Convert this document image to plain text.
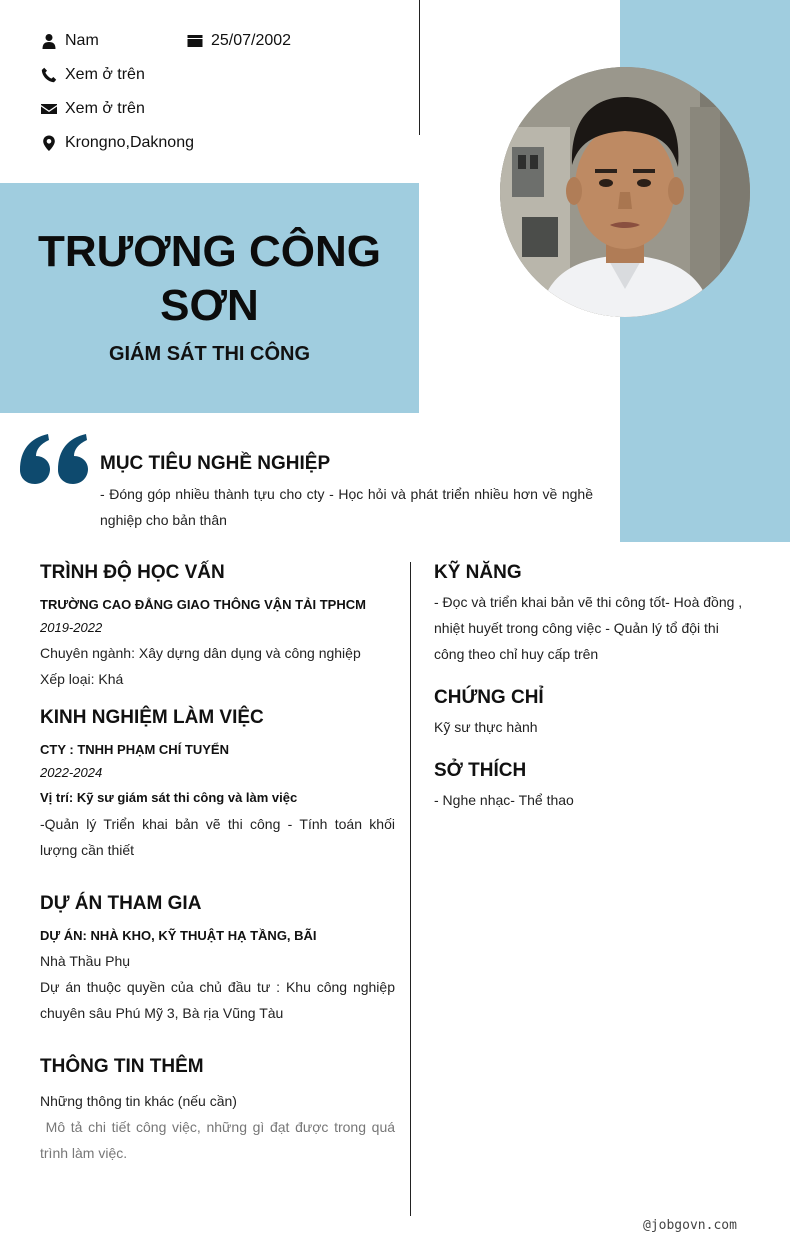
Nam	25/07/2002
Xem ở trên
Xem ở trên
Krongno,Daknong
TRƯƠNG CÔNG
SƠN
GIÁM SÁT THI CÔNG
MỤC TIÊU NGHỀ NGHIỆP
- Đóng góp nhiều thành tựu cho cty - Học hỏi và phát triển nhiều hơn về nghề nghiệp cho bản thân
TRÌNH ĐỘ HỌC VẤN
TRƯỜNG CAO ĐẲNG GIAO THÔNG VẬN TẢI TPHCM
2019-2022
Chuyên ngành: Xây dựng dân dụng và công nghiệp
Xếp loại: Khá
KINH NGHIỆM LÀM VIỆC
CTY : TNHH PHẠM CHÍ TUYỂN
2022-2024
Vị trí: Kỹ sư giám sát thi công và làm việc
-Quản lý Triển khai bản vẽ thi công - Tính toán khối lượng cần thiết
DỰ ÁN THAM GIA
DỰ ÁN: NHÀ KHO, KỸ THUẬT HẠ TẦNG, BÃI
Nhà Thầu Phụ
Dự án thuộc quyền của chủ đầu tư : Khu công nghiệp chuyên sâu Phú Mỹ 3, Bà rịa Vũng Tàu
THÔNG TIN THÊM
Những thông tin khác (nếu cần)
Mô tả chi tiết công việc, những gì đạt được trong quá trình làm việc.
KỸ NĂNG
- Đọc và triển khai bản vẽ thi công tốt- Hoà đồng , nhiệt huyết trong công việc - Quản lý tổ đội thi công theo chỉ huy cấp trên
CHỨNG CHỈ
Kỹ sư thực hành
SỞ THÍCH
- Nghe nhạc- Thể thao
@jobgovn.com
